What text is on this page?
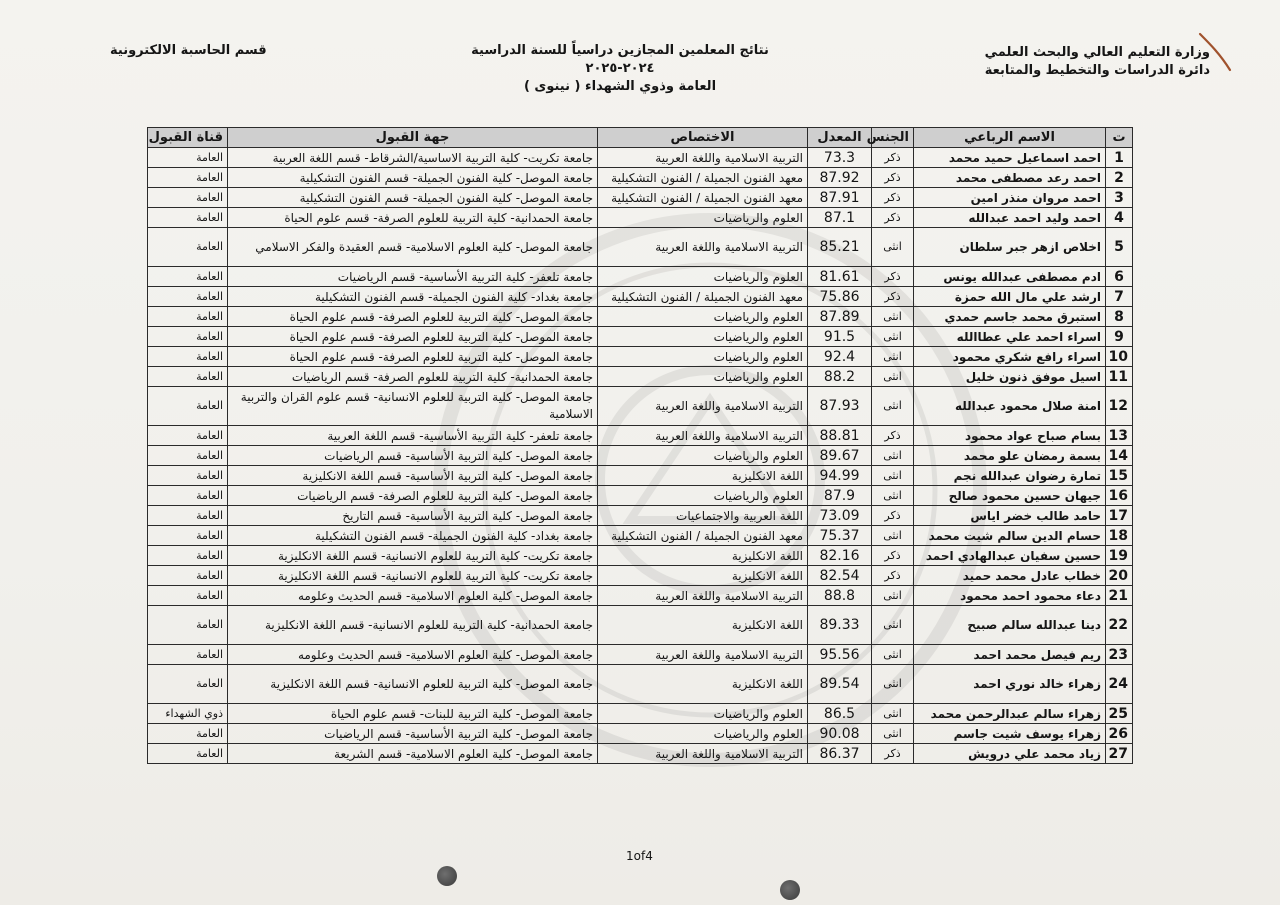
وزارة التعليم العالي والبحث العلمي
دائرة الدراسات والتخطيط والمتابعة
نتائج المعلمين المجازين دراسياً للسنة الدراسية ٢٠٢٤-٢٠٢٥
العامة وذوي الشهداء ( نينوى )
قسم الحاسبة الالكترونية
ت	الاسم الرباعي	الجنس	المعدل	الاختصاص	جهة القبول	قناة القبول
1	احمد اسماعيل حميد محمد	ذكر	73.3	التربية الاسلامية واللغة العربية	جامعة تكريت- كلية التربية الاساسية/الشرقاط- قسم اللغة العربية	العامة
2	احمد رعد مصطفى محمد	ذكر	87.92	معهد الفنون الجميلة / الفنون التشكيلية	جامعة الموصل- كلية الفنون الجميلة- قسم الفنون التشكيلية	العامة
3	احمد مروان منذر امين	ذكر	87.91	معهد الفنون الجميلة / الفنون التشكيلية	جامعة الموصل- كلية الفنون الجميلة- قسم الفنون التشكيلية	العامة
4	احمد وليد احمد عبدالله	ذكر	87.1	العلوم والرياضيات	جامعة الحمدانية- كلية التربية للعلوم الصرفة- قسم علوم الحياة	العامة
5	اخلاص ازهر جبر سلطان	انثى	85.21	التربية الاسلامية واللغة العربية	جامعة الموصل- كلية العلوم الاسلامية- قسم العقيدة والفكر الاسلامي	العامة
6	ادم مصطفى عبدالله يونس	ذكر	81.61	العلوم والرياضيات	جامعة تلعفر- كلية التربية الأساسية- قسم الرياضيات	العامة
7	ارشد علي مال الله حمزة	ذكر	75.86	معهد الفنون الجميلة / الفنون التشكيلية	جامعة بغداد- كلية الفنون الجميلة- قسم الفنون التشكيلية	العامة
8	استبرق محمد جاسم حمدي	انثى	87.89	العلوم والرياضيات	جامعة الموصل- كلية التربية للعلوم الصرفة- قسم علوم الحياة	العامة
9	اسراء احمد علي عطاالله	انثى	91.5	العلوم والرياضيات	جامعة الموصل- كلية التربية للعلوم الصرفة- قسم علوم الحياة	العامة
10	اسراء رافع شكري محمود	انثى	92.4	العلوم والرياضيات	جامعة الموصل- كلية التربية للعلوم الصرفة- قسم علوم الحياة	العامة
11	اسيل موفق ذنون خليل	انثى	88.2	العلوم والرياضيات	جامعة الحمدانية- كلية التربية للعلوم الصرفة- قسم الرياضيات	العامة
12	امنة صلال محمود عبدالله	انثى	87.93	التربية الاسلامية واللغة العربية	جامعة الموصل- كلية التربية للعلوم الانسانية- قسم علوم القران والتربية الاسلامية	العامة
13	بسام صباح عواد محمود	ذكر	88.81	التربية الاسلامية واللغة العربية	جامعة تلعفر- كلية التربية الأساسية- قسم اللغة العربية	العامة
14	بسمة رمضان علو محمد	انثى	89.67	العلوم والرياضيات	جامعة الموصل- كلية التربية الأساسية- قسم الرياضيات	العامة
15	تمارة رضوان عبدالله نجم	انثى	94.99	اللغة الانكليزية	جامعة الموصل- كلية التربية الأساسية- قسم اللغة الانكليزية	العامة
16	جيهان حسين محمود صالح	انثى	87.9	العلوم والرياضيات	جامعة الموصل- كلية التربية للعلوم الصرفة- قسم الرياضيات	العامة
17	حامد طالب خضر اياس	ذكر	73.09	اللغة العربية والاجتماعيات	جامعة الموصل- كلية التربية الأساسية- قسم التاريخ	العامة
18	حسام الدين سالم شيت محمد	انثى	75.37	معهد الفنون الجميلة / الفنون التشكيلية	جامعة بغداد- كلية الفنون الجميلة- قسم الفنون التشكيلية	العامة
19	حسين سفيان عبدالهادي احمد	ذكر	82.16	اللغة الانكليزية	جامعة تكريت- كلية التربية للعلوم الانسانية- قسم اللغة الانكليزية	العامة
20	خطاب عادل محمد حميد	ذكر	82.54	اللغة الانكليزية	جامعة تكريت- كلية التربية للعلوم الانسانية- قسم اللغة الانكليزية	العامة
21	دعاء محمود احمد محمود	انثى	88.8	التربية الاسلامية واللغة العربية	جامعة الموصل- كلية العلوم الاسلامية- قسم الحديث وعلومه	العامة
22	دينا عبدالله سالم صبيح	انثى	89.33	اللغة الانكليزية	جامعة الحمدانية- كلية التربية للعلوم الانسانية- قسم اللغة الانكليزية	العامة
23	ريم فيصل محمد احمد	انثى	95.56	التربية الاسلامية واللغة العربية	جامعة الموصل- كلية العلوم الاسلامية- قسم الحديث وعلومه	العامة
24	زهراء خالد نوري احمد	انثى	89.54	اللغة الانكليزية	جامعة الموصل- كلية التربية للعلوم الانسانية- قسم اللغة الانكليزية	العامة
25	زهراء سالم عبدالرحمن محمد	انثى	86.5	العلوم والرياضيات	جامعة الموصل- كلية التربية للبنات- قسم علوم الحياة	ذوي الشهداء
26	زهراء يوسف شيت جاسم	انثى	90.08	العلوم والرياضيات	جامعة الموصل- كلية التربية الأساسية- قسم الرياضيات	العامة
27	زياد محمد علي درويش	ذكر	86.37	التربية الاسلامية واللغة العربية	جامعة الموصل- كلية العلوم الاسلامية- قسم الشريعة	العامة
1of4
